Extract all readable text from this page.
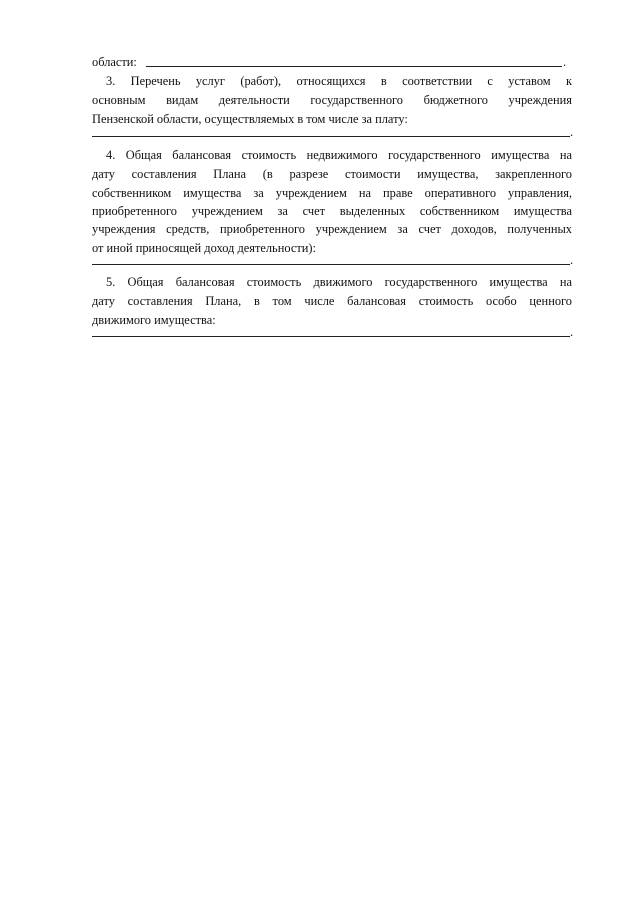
области:	.
3. Перечень услуг (работ), относящихся в соответствии с уставом к
основным видам деятельности государственного бюджетного учреждения
Пензенской области, осуществляемых в том числе за плату:
.
4. Общая балансовая стоимость недвижимого государственного имущества на
дату составления Плана (в разрезе стоимости имущества, закрепленного
собственником имущества за учреждением на праве оперативного управления,
приобретенного учреждением за счет выделенных собственником имущества
учреждения средств, приобретенного учреждением за счет доходов, полученных
от иной приносящей доход деятельности):
.
5. Общая балансовая стоимость движимого государственного имущества на
дату составления Плана, в том числе балансовая стоимость особо ценного
движимого имущества:
.
